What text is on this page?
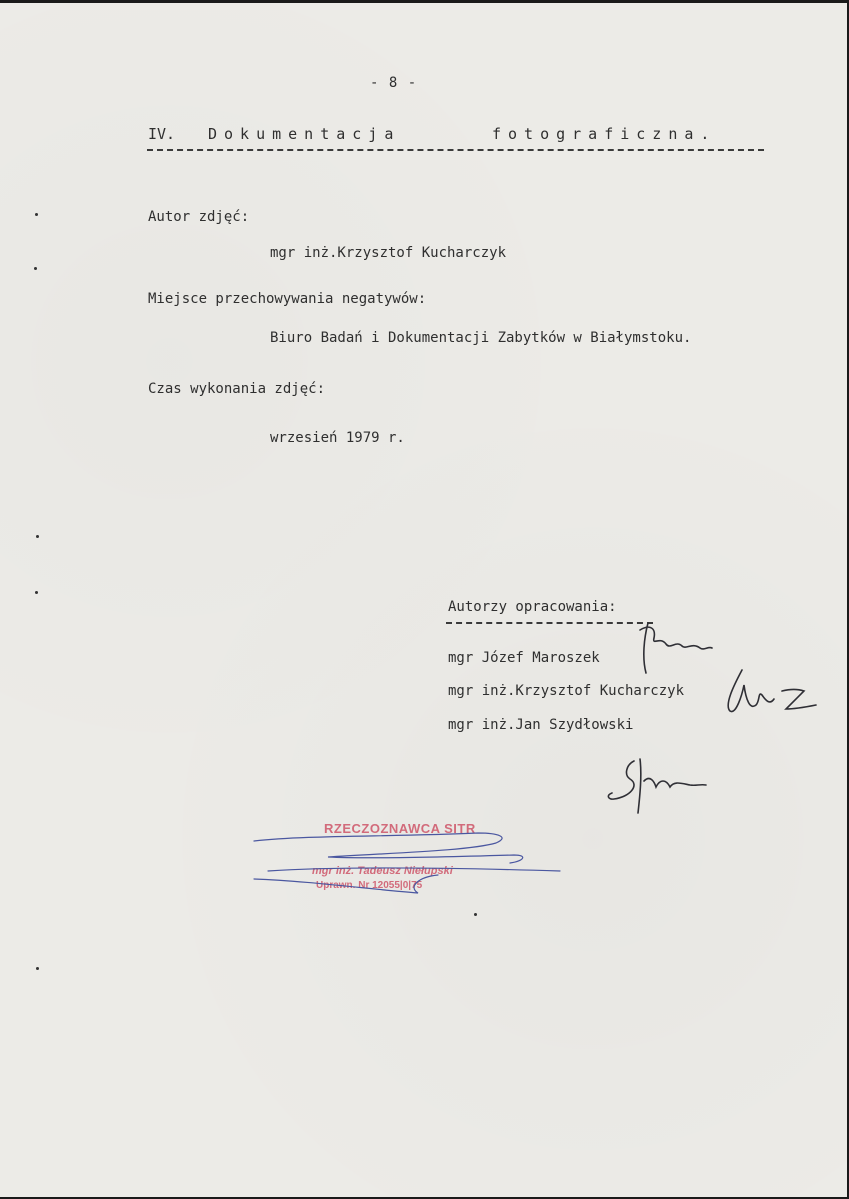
- 8 -
IV. Dokumentacja	fotograficzna.
Autor zdjęć:
mgr inż.Krzysztof Kucharczyk
Miejsce przechowywania negatywów:
Biuro Badań i Dokumentacji Zabytków w Białymstoku.
Czas wykonania zdjęć:
wrzesień 1979 r.
Autorzy opracowania:
mgr Józef Maroszek
mgr inż.Krzysztof Kucharczyk
mgr inż.Jan Szydłowski
RZECZOZNAWCA SITR
mgr inż. Tadeusz Niełupski
Uprawn. Nr 12055|0|75
